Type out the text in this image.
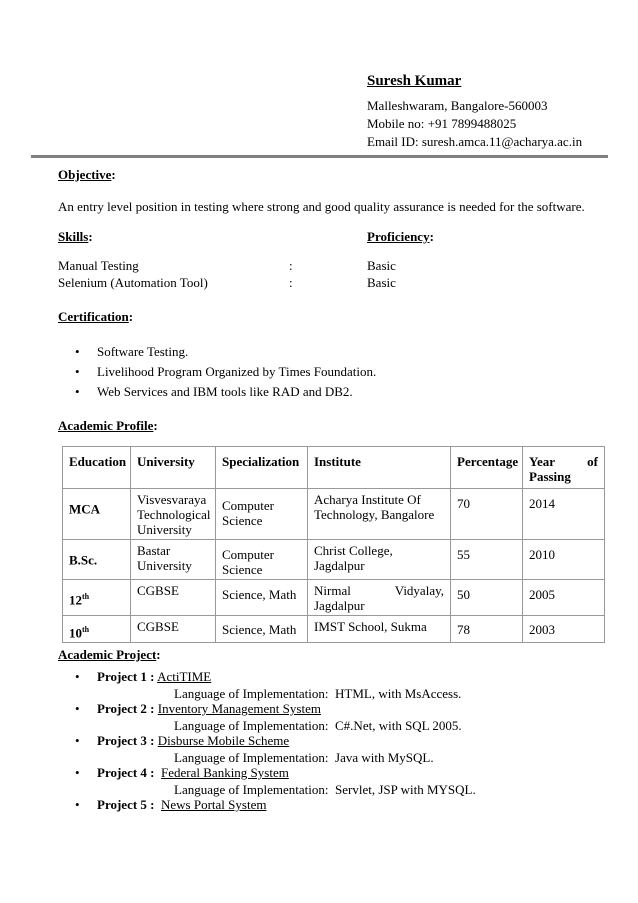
Suresh Kumar
Malleshwaram, Bangalore-560003
Mobile no: +91 7899488025
Email ID: suresh.amca.11@acharya.ac.in
Objective:
An entry level position in testing where strong and good quality assurance is needed for the software.
Skills:	Proficiency:
Manual Testing	:	Basic
Selenium (Automation Tool)	:	Basic
Certification:
• Software Testing.
• Livelihood Program Organized by Times Foundation.
• Web Services and IBM tools like RAD and DB2.
Academic Profile:
Education	University	Specialization	Institute	Percentage	Year of Passing
MCA	Visvesvaraya Technological University	Computer Science	Acharya Institute Of Technology, Bangalore	70	2014
B.Sc.	Bastar University	Computer Science	Christ College, Jagdalpur	55	2010
12th	CGBSE	Science, Math	Nirmal Vidyalay, Jagdalpur	50	2005
10th	CGBSE	Science, Math	IMST School, Sukma	78	2003
Academic Project:
• Project 1 : ActiTIME
Language of Implementation: HTML, with MsAccess.
• Project 2 : Inventory Management System
Language of Implementation: C#.Net, with SQL 2005.
• Project 3 : Disburse Mobile Scheme
Language of Implementation: Java with MySQL.
• Project 4 : Federal Banking System
Language of Implementation: Servlet, JSP with MYSQL.
• Project 5 : News Portal System
